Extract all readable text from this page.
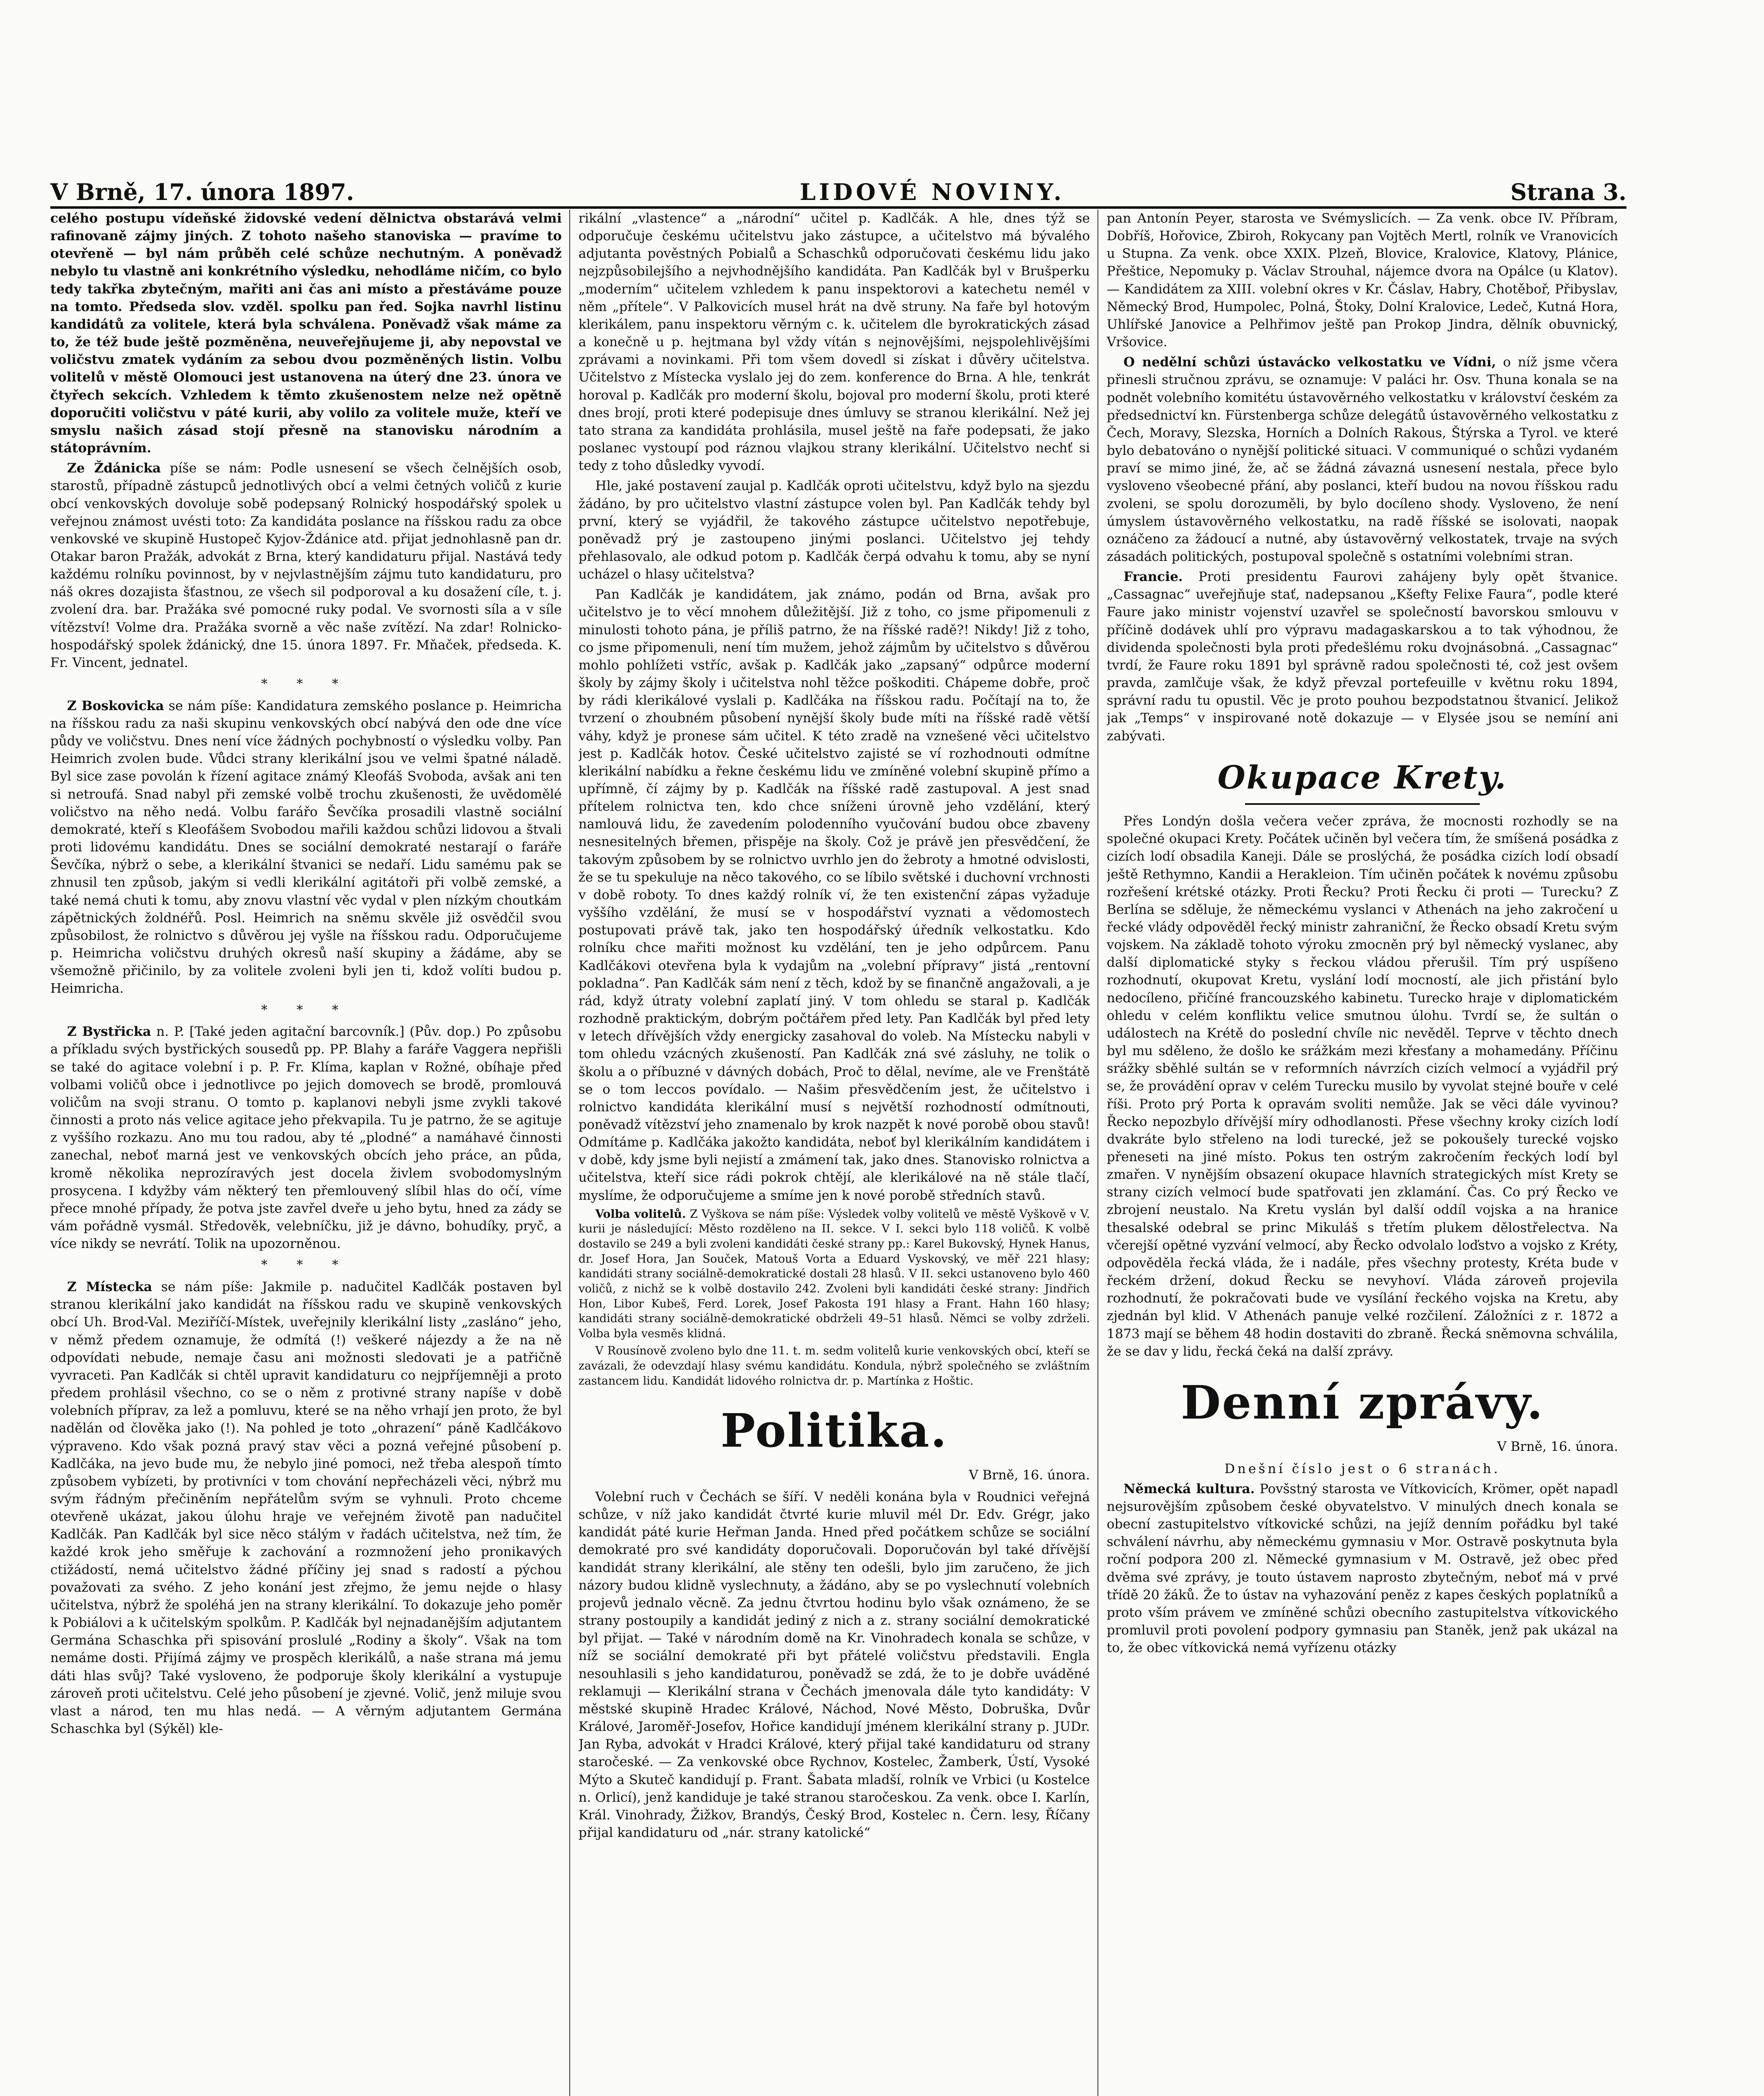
V Brně, 17. února 1897.	LIDOVÉ NOVINY.	Strana 3.

celého postupu vídeňské židovské vedení dělnictva obstarává velmi rafinovaně zájmy jiných. Z tohoto našeho stanoviska — pravíme to otevřeně — byl nám průběh celé schůze nechutným. A poněvadž nebylo tu vlastně ani konkrétního výsledku, nehodláme ničím, co bylo tedy takřka zbytečným, mařiti ani čas ani místo a přestáváme pouze na tomto. Předseda slov. vzděl. spolku pan řed. Sojka navrhl listinu kandidátů za volitele, která byla schválena. Poněvadž však máme za to, že též bude ještě pozměněna, neuveřejňujeme ji, aby nepovstal ve voličstvu zmatek vydáním za sebou dvou pozměněných listin. Volbu volitelů v městě Olomouci jest ustanovena na úterý dne 23. února ve čtyřech sekcích. Vzhledem k těmto zkušenostem nelze než opětně doporučiti voličstvu v páté kurii, aby volilo za volitele muže, kteří ve smyslu našich zásad stojí přesně na stanovisku národním a státoprávním.

Ze Ždánicka píše se nám: Podle usnesení se všech čelnějších osob, starostů, případně zástupců jednotlivých obcí a velmi četných voličů z kurie obcí venkovských dovoluje sobě podepsaný Rolnický hospodářský spolek u veřejnou známost uvésti toto: Za kandidáta poslance na říšskou radu za obce venkovské ve skupině Hustopeč Kyjov-Ždánice atd. přijat jednohlasně pan dr. Otakar baron Pražák, advokát z Brna, který kandidaturu přijal. Nastává tedy každému rolníku povinnost, by v nejvlastnějším zájmu tuto kandidaturu, pro náš okres dozajista šťastnou, ze všech sil podporoval a ku dosažení cíle, t. j. zvolení dra. bar. Pražáka své pomocné ruky podal. Ve svornosti síla a v síle vítězství! Volme dra. Pražáka svorně a věc naše zvítězí. Na zdar! Rolnicko-hospodářský spolek ždánický, dne 15. února 1897. Fr. Mňaček, předseda. K. Fr. Vincent, jednatel.

* * *

Z Boskovicka se nám píše: Kandidatura zemského poslance p. Heimricha na říšskou radu za naši skupinu venkovských obcí nabývá den ode dne více půdy ve voličstvu. Dnes není více žádných pochybností o výsledku volby. Pan Heimrich zvolen bude. Vůdci strany klerikální jsou ve velmi špatné náladě. Byl sice zase povolán k řízení agitace známý Kleofáš Svoboda, avšak ani ten si netroufá. Snad nabyl při zemské volbě trochu zkušenosti, že uvědomělé voličstvo na něho nedá. Volbu farářo Ševčíka prosadili vlastně sociální demokraté, kteří s Kleofášem Svobodou mařili každou schůzi lidovou a štvali proti lidovému kandidátu. Dnes se sociální demokraté nestarají o faráře Ševčíka, nýbrž o sebe, a klerikální štvanici se nedaří. Lidu samému pak se zhnusil ten způsob, jakým si vedli klerikální agitátoři při volbě zemské, a také nemá chuti k tomu, aby znovu vlastní věc vydal v plen nízkým choutkám zápětnických žoldnéřů. Posl. Heimrich na sněmu skvěle již osvědčil svou způsobilost, že rolnictvo s důvěrou jej vyšle na říšskou radu. Odporučujeme p. Heimricha voličstvu druhých okresů naší skupiny a žádáme, aby se všemožně přičinilo, by za volitele zvoleni byli jen ti, kdož volíti budou p. Heimricha.

* * *

Z Bystřicka n. P. [Také jeden agitační barcovník.] (Pův. dop.) Po způsobu a příkladu svých bystřických sousedů pp. PP. Blahy a faráře Vaggera nepřišli se také do agitace volební i p. P. Fr. Klíma, kaplan v Rožné, obíhaje před volbami voličů obce i jednotlivce po jejich domovech se brodě, promlouvá voličům na svoji stranu. O tomto p. kaplanovi nebyli jsme zvykli takové činnosti a proto nás velice agitace jeho překvapila. Tu je patrno, že se agituje z vyššího rozkazu. Ano mu tou radou, aby té „plodné“ a namáhavé činnosti zanechal, neboť marná jest ve venkovských obcích jeho práce, an půda, kromě několika neprozíravých jest docela živlem svobodomyslným prosycena. I kdyžby vám některý ten přemlouvený slíbil hlas do očí, víme přece mnohé případy, že potva jste zavřel dveře u jeho bytu, hned za zády se vám pořádně vysmál. Středověk, velebníčku, již je dávno, bohudíky, pryč, a více nikdy se nevrátí. Tolik na upozorněnou.

* * *

Z Místecka se nám píše: Jakmile p. nadučitel Kadlčák postaven byl stranou klerikální jako kandidát na říšskou radu ve skupině venkovských obcí Uh. Brod-Val. Meziříčí-Místek, uveřejnily klerikální listy „zasláno“ jeho, v němž předem oznamuje, že odmítá (!) veškeré nájezdy a že na ně odpovídati nebude, nemaje času ani možnosti sledovati je a patřičně vyvraceti. Pan Kadlčák si chtěl upravit kandidaturu co nejpříjemněji a proto předem prohlásil všechno, co se o něm z protivné strany napíše v době volebních příprav, za lež a pomluvu, které se na něho vrhají jen proto, že byl nadělán od člověka jako (!). Na pohled je toto „ohrazení“ páně Kadlčákovo výpraveno. Kdo však pozná pravý stav věci a pozná veřejné působení p. Kadlčáka, na jevo bude mu, že nebylo jiné pomoci, než třeba alespoň tímto způsobem vybízeti, by protivníci v tom chování nepřecházeli věci, nýbrž mu svým řádným přečiněním nepřátelům svým se vyhnuli. Proto chceme otevřeně ukázat, jakou úlohu hraje ve veřejném životě pan nadučitel Kadlčák. Pan Kadlčák byl sice něco stálým v řadách učitelstva, než tím, že každé krok jeho směřuje k zachování a rozmnožení jeho pronikavých ctižádostí, nemá učitelstvo žádné příčiny jej snad s radostí a pýchou považovati za svého. Z jeho konání jest zřejmo, že jemu nejde o hlasy učitelstva, nýbrž že spoléhá jen na strany klerikální. To dokazuje jeho poměr k Pobiálovi a k učitelským spolkům. P. Kadlčák byl nejnadanějším adjutantem Germána Schaschka při spisování proslulé „Rodiny a školy“. Však na tom nemáme dosti. Přijímá zájmy ve prospěch klerikálů, a naše strana má jemu dáti hlas svůj? Také vysloveno, že podporuje školy klerikální a vystupuje zároveň proti učitelstvu. Celé jeho působení je zjevné. Volič, jenž miluje svou vlast a národ, ten mu hlas nedá. — A věrným adjutantem Germána Schaschka byl (Sýkěl) kle-

rikální „vlastence“ a „národní“ učitel p. Kadlčák. A hle, dnes týž se odporučuje českému učitelstvu jako zástupce, a učitelstvo má bývalého adjutanta pověstných Pobialů a Schaschků odporučovati českému lidu jako nejzpůsobilejšího a nejvhodnějšího kandidáta. Pan Kadlčák byl v Brušperku „moderním“ učitelem vzhledem k panu inspektorovi a katechetu nemél v něm „přítele“. V Palkovicích musel hrát na dvě struny. Na faře byl hotovým klerikálem, panu inspektoru věrným c. k. učitelem dle byrokratických zásad a konečně u p. hejtmana byl vždy vítán s nejnovějšími, nejspolehlivějšími zprávami a novinkami. Při tom všem dovedl si získat i důvěry učitelstva. Učitelstvo z Místecka vyslalo jej do zem. konference do Brna. A hle, tenkrát horoval p. Kadlčák pro moderní školu, bojoval pro moderní školu, proti které dnes brojí, proti které podepisuje dnes úmluvy se stranou klerikální. Než jej tato strana za kandidáta prohlásila, musel ještě na faře podepsati, že jako poslanec vystoupí pod ráznou vlajkou strany klerikální. Učitelstvo nechť si tedy z toho důsledky vyvodí.

Hle, jaké postavení zaujal p. Kadlčák oproti učitelstvu, když bylo na sjezdu žádáno, by pro učitelstvo vlastní zástupce volen byl. Pan Kadlčák tehdy byl první, který se vyjádřil, že takového zástupce učitelstvo nepotřebuje, poněvadž prý je zastoupeno jinými poslanci. Učitelstvo jej tehdy přehlasovalo, ale odkud potom p. Kadlčák čerpá odvahu k tomu, aby se nyní ucházel o hlasy učitelstva?

Pan Kadlčák je kandidátem, jak známo, podán od Brna, avšak pro učitelstvo je to věcí mnohem důležitější. Již z toho, co jsme připomenuli z minulosti tohoto pána, je příliš patrno, že na říšské radě?! Nikdy! Již z toho, co jsme připomenuli, není tím mužem, jehož zájmům by učitelstvo s důvěrou mohlo pohlížeti vstříc, avšak p. Kadlčák jako „zapsaný“ odpůrce moderní školy by zájmy školy i učitelstva nohl těžce poškoditi. Chápeme dobře, proč by rádi klerikálové vyslali p. Kadlčáka na říšskou radu. Počítají na to, že tvrzení o zhoubném působení nynější školy bude míti na říšské radě větší váhy, když je pronese sám učitel. K této zradě na vznešené věci učitelstvo jest p. Kadlčák hotov. České učitelstvo zajisté se ví rozhodnouti odmítne klerikální nabídku a řekne českému lidu ve zmíněné volební skupině přímo a upřímně, čí zájmy by p. Kadlčák na říšské radě zastupoval. A jest snad přítelem rolnictva ten, kdo chce sníženi úrovně jeho vzdělání, který namlouvá lidu, že zavedením polodenního vyučování budou obce zbaveny nesnesitelných břemen, přispěje na školy. Což je právě jen přesvědčení, že takovým způsobem by se rolnictvo uvrhlo jen do žebroty a hmotné odvislosti, že se tu spekuluje na něco takového, co se líbilo světské i duchovní vrchnosti v době roboty. To dnes každý rolník ví, že ten existenční zápas vyžaduje vyššího vzdělání, že musí se v hospodářství vyznati a vědomostech postupovati právě tak, jako ten hospodářský úředník velkostatku. Kdo rolníku chce mařiti možnost ku vzdělání, ten je jeho odpůrcem. Panu Kadlčákovi otevřena byla k vydajům na „volební přípravy“ jistá „rentovní pokladna“. Pan Kadlčák sám není z těch, kdož by se finančně angažovali, a je rád, když útraty volební zaplatí jiný. V tom ohledu se staral p. Kadlčák rozhodně praktickým, dobrým počtářem před lety. Pan Kadlčák byl před lety v letech dřívějších vždy energicky zasahoval do voleb. Na Místecku nabyli v tom ohledu vzácných zkušeností. Pan Kadlčák zná své zásluhy, ne tolik o školu a o příbuzné v dávných dobách, Proč to dělal, nevíme, ale ve Frenštátě se o tom leccos povídalo. — Našim přesvědčením jest, že učitelstvo i rolnictvo kandidáta klerikální musí s největší rozhodností odmítnouti, poněvadž vítězství jeho znamenalo by krok nazpět k nové porobě obou stavů! Odmítáme p. Kadlčáka jakožto kandidáta, neboť byl klerikálním kandidátem i v době, kdy jsme byli nejistí a zmámení tak, jako dnes. Stanovisko rolnictva a učitelstva, kteří sice rádi pokrok chtějí, ale klerikálové na ně stále tlačí, myslíme, že odporučujeme a smíme jen k nové porobě středních stavů.

Volba volitelů. Z Vyškova se nám píše: Výsledek volby volitelů ve městě Vyškově v V. kurii je následující: Město rozděleno na II. sekce. V I. sekci bylo 118 voličů. K volbě dostavilo se 249 a byli zvoleni kandidáti české strany pp.: Karel Bukovský, Hynek Hanus, dr. Josef Hora, Jan Souček, Matouš Vorta a Eduard Vyskovský, ve měř 221 hlasy; kandidáti strany sociálně-demokratické dostali 28 hlasů. V II. sekci ustanoveno bylo 460 voličů, z nichž se k volbě dostavilo 242. Zvoleni byli kandidáti české strany: Jindřich Hon, Libor Kubeš, Ferd. Lorek, Josef Pakosta 191 hlasy a Frant. Hahn 160 hlasy; kandidáti strany sociálně-demokratické obdrželi 49–51 hlasů. Němci se volby zdrželi. Volba byla vesměs klidná.

V Rousínově zvoleno bylo dne 11. t. m. sedm volitelů kurie venkovských obcí, kteří se zavázali, že odevzdají hlasy svému kandidátu. Kondula, nýbrž společného se zvláštním zastancem lidu. Kandidát lidového rolnictva dr. p. Martínka z Hoštic.

Politika.
V Brně, 16. února.

Volební ruch v Čechách se šíří. V neděli konána byla v Roudnici veřejná schůze, v níž jako kandidát čtvrté kurie mluvil mél Dr. Edv. Grégr, jako kandidát páté kurie Heřman Janda. Hned před počátkem schůze se sociální demokraté pro své kandidáty doporučovali. Doporučován byl také dřívější kandidát strany klerikální, ale stěny ten odešli, bylo jim zaručeno, že jich názory budou klidně vyslechnuty, a žádáno, aby se po vyslechnutí volebních projevů jednalo věcně. Za jednu čtvrtou hodinu bylo však oznámeno, že se strany postoupily a kandidát jediný z nich a z. strany sociální demokratické byl přijat. — Také v národním domě na Kr. Vinohradech konala se schůze, v níž se sociální demokraté při byt přátelé voličstvu představili. Engla nesouhlasili s jeho kandidaturou, poněvadž se zdá, že to je dobře uváděné reklamuji — Klerikální strana v Čechách jmenovala dále tyto kandidáty: V městské skupině Hradec Králové, Náchod, Nové Město, Dobruška, Dvůr Králové, Jaroměř-Josefov, Hořice kandidují jménem klerikální strany p. JUDr. Jan Ryba, advokát v Hradci Králové, který přijal také kandidaturu od strany staročeské. — Za venkovské obce Rychnov, Kostelec, Žamberk, Ústí, Vysoké Mýto a Skuteč kandidují p. Frant. Šabata mladší, rolník ve Vrbici (u Kostelce n. Orlicí), jenž kandiduje je také stranou staročeskou. Za venk. obce I. Karlín, Král. Vinohrady, Žižkov, Brandýs, Český Brod, Kostelec n. Čern. lesy, Říčany přijal kandidaturu od „nár. strany katolické“

pan Antonín Peyer, starosta ve Svémyslicích. — Za venk. obce IV. Příbram, Dobříš, Hořovice, Zbiroh, Rokycany pan Vojtěch Mertl, rolník ve Vranovicích u Stupna. Za venk. obce XXIX. Plzeň, Blovice, Kralovice, Klatovy, Plánice, Přeštice, Nepomuky p. Václav Strouhal, nájemce dvora na Opálce (u Klatov). — Kandidátem za XIII. volební okres v Kr. Čáslav, Habry, Chotěboř, Přibyslav, Německý Brod, Humpolec, Polná, Štoky, Dolní Kralovice, Ledeč, Kutná Hora, Uhlířské Janovice a Pelhřimov ještě pan Prokop Jindra, dělník obuvnický, Vršovice.

O nedělní schůzi ústavácko velkostatku ve Vídni, o níž jsme včera přinesli stručnou zprávu, se oznamuje: V paláci hr. Osv. Thuna konala se na podnět volebního komitétu ústavověrného velkostatku v království českém za předsednictví kn. Fürstenberga schůze delegátů ústavověrného velkostatku z Čech, Moravy, Slezska, Horních a Dolních Rakous, Štýrska a Tyrol. ve které bylo debatováno o nynější politické situaci. V communiqué o schůzi vydaném praví se mimo jiné, že, ač se žádná závazná usnesení nestala, přece bylo vysloveno všeobecné přání, aby poslanci, kteří budou na novou říšskou radu zvoleni, se spolu dorozuměli, by bylo docíleno shody. Vysloveno, že není úmyslem ústavověrného velkostatku, na radě říšské se isolovati, naopak oznáčeno za žádoucí a nutné, aby ústavověrný velkostatek, trvaje na svých zásadách politických, postupoval společně s ostatními volebními stran.

Francie. Proti presidentu Faurovi zahájeny byly opět štvanice. „Cassagnac“ uveřejňuje stať, nadepsanou „Kšefty Felixe Faura“, podle které Faure jako ministr vojenství uzavřel se společností bavorskou smlouvu v příčině dodávek uhlí pro výpravu madagaskarskou a to tak výhodnou, že dividenda společnosti byla proti předešlému roku dvojnásobná. „Cassagnac“ tvrdí, že Faure roku 1891 byl správně radou společnosti té, což jest ovšem pravda, zamlčuje však, že když převzal portefeuille v květnu roku 1894, správní radu tu opustil. Věc je proto pouhou bezpodstatnou štvanicí. Jelikož jak „Temps“ v inspirované notě dokazuje — v Elysée jsou se nemíní ani zabývati.

Okupace Krety.

Přes Londýn došla večera večer zpráva, že mocnosti rozhodly se na společné okupaci Krety. Počátek učiněn byl večera tím, že smíšená posádka z cizích lodí obsadila Kaneji. Dále se proslýchá, že posádka cizích lodí obsadí ještě Rethymno, Kandii a Herakleion. Tím učiněn počátek k novému způsobu rozřešení krétské otázky. Proti Řecku? Proti Řecku či proti — Turecku? Z Berlína se sděluje, že německému vyslanci v Athenách na jeho zakročení u řecké vlády odpověděl řecký ministr zahraniční, že Řecko obsadí Kretu svým vojskem. Na základě tohoto výroku zmocněn prý byl německý vyslanec, aby další diplomatické styky s řeckou vládou přerušil. Tím prý uspíšeno rozhodnutí, okupovat Kretu, vyslání lodí mocností, ale jich přistání bylo nedocíleno, přičíné francouzského kabinetu. Turecko hraje v diplomatickém ohledu v celém konfliktu velice smutnou úlohu. Tvrdí se, že sultán o událostech na Krétě do poslední chvíle nic nevěděl. Teprve v těchto dnech byl mu sděleno, že došlo ke srážkám mezi křesťany a mohamedány. Příčinu srážky sběhlé sultán se v reformních návrzích cizích velmocí a vyjádřil prý se, že provádění oprav v celém Turecku musilo by vyvolat stejné bouře v celé říši. Proto prý Porta k opravám svoliti nemůže. Jak se věci dále vyvinou? Řecko nepozbylo dřívější míry odhodlanosti. Přese všechny kroky cizích lodí dvakráte bylo střeleno na lodi turecké, jež se pokoušely turecké vojsko přeneseti na jiné místo. Pokus ten ostrým zakročením řeckých lodí byl zmařen. V nynějším obsazení okupace hlavních strategických míst Krety se strany cizích velmocí bude spatřovati jen zklamání. Čas. Co prý Řecko ve zbrojení neustalo. Na Kretu vyslán byl další oddíl vojska a na hranice thesalské odebral se princ Mikuláš s třetím plukem dělostřelectva. Na včerejší opětné vyzvání velmocí, aby Řecko odvolalo loďstvo a vojsko z Kréty, odpověděla řecká vláda, že i nadále, přes všechny protesty, Kréta bude v řeckém držení, dokud Řecku se nevyhoví. Vláda zároveň projevila rozhodnutí, že pokračovati bude ve vysílání řeckého vojska na Kretu, aby zjednán byl klid. V Athenách panuje velké rozčilení. Záložníci z r. 1872 a 1873 mají se během 48 hodin dostaviti do zbraně. Řecká sněmovna schválila, že se dav y lidu, řecká čeká na další zprávy.

Denní zprávy.
V Brně, 16. února.

Dnešní číslo jest o 6 stranách.

Německá kultura. Povšstný starosta ve Vítkovicích, Krömer, opět napadl nejsurovějším způsobem české obyvatelstvo. V minulých dnech konala se obecní zastupitelstvo vítkovické schůzi, na jejíž denním pořádku byl také schválení návrhu, aby německému gymnasiu v Mor. Ostravě poskytnuta byla roční podpora 200 zl. Německé gymnasium v M. Ostravě, jež obec před dvěma své zprávy, je touto ústavem naprosto zbytečným, neboť má v prvé třídě 20 žáků. Že to ústav na vyhazování peněz z kapes českých poplatníků a proto vším právem ve zmíněné schůzi obecního zastupitelstva vítkovického promluvil proti povolení podpory gymnasiu pan Staněk, jenž pak ukázal na to, že obec vítkovická nemá vyřízenu otázky
